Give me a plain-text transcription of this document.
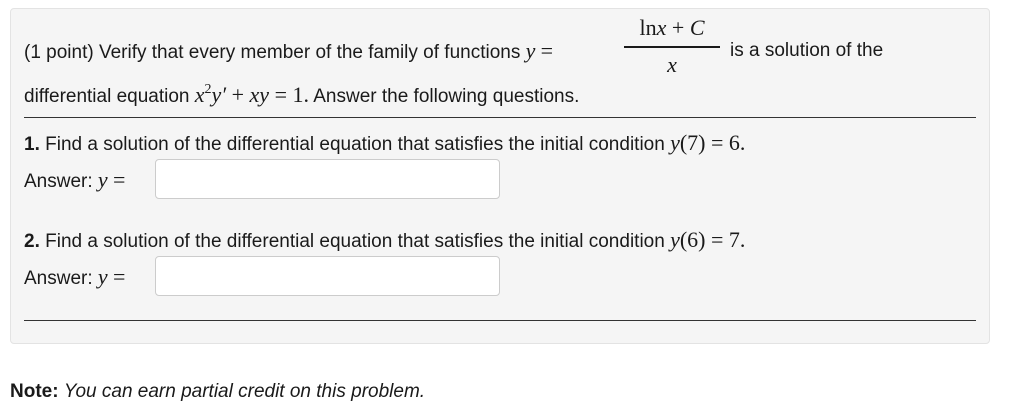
(1 point) Verify that every member of the family of functions y =
lnx + C
x
is a solution of the
differential equation $x^2y'$ + xy = 1. Answer the following questions.
1. Find a solution of the differential equation that satisfies the initial condition y(7) = 6.
Answer: y =
2. Find a solution of the differential equation that satisfies the initial condition y(6) = 7.
Answer: y =
Note: You can earn partial credit on this problem.
